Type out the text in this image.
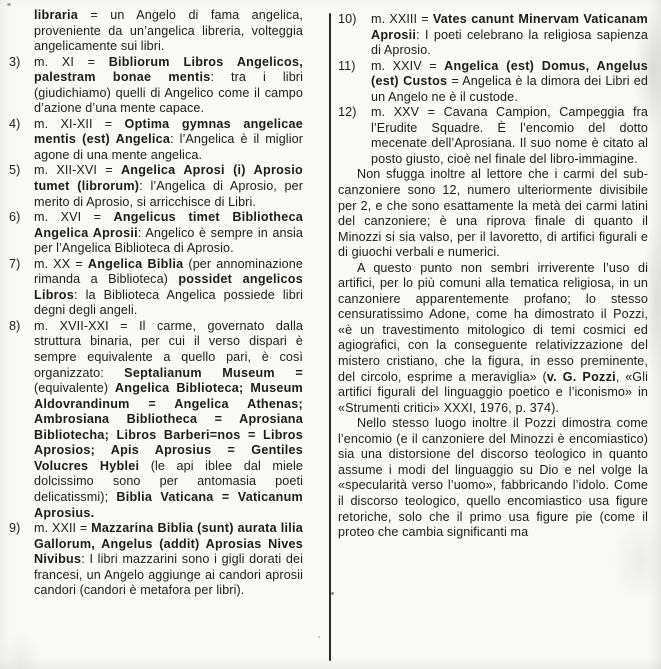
libraria = un Angelo di fama angelica, proveniente da un’angelica libreria, volteggia angelicamente sui libri.
3)	m. XI = Bibliorum Libros Angelicos, palestram bonae mentis: tra i libri (giudichiamo) quelli di Angelico come il campo d’azione d’una mente capace.
4)	m. XI-XII = Optima gymnas angelicae mentis (est) Angelica: l’Angelica è il miglior agone di una mente angelica.
5)	m. XII-XVI = Angelica Aprosi (i) Aprosio tumet (librorum): l’Angelica di Aprosio, per merito di Aprosio, si arricchisce di Libri.
6)	m. XVI = Angelicus timet Bibliotheca Angelica Aprosii: Angelico è sempre in ansia per l’Angelica Biblioteca di Aprosio.
7)	m. XX = Angelica Biblia (per annominazione rimanda a Biblioteca) possidet angelicos Libros: la Biblioteca Angelica possiede libri degni degli angeli.
8)	m. XVII-XXI = Il carme, governato dalla struttura binaria, per cui il verso dispari è sempre equivalente a quello pari, è così organizzato: Septalianum Museum = (equivalente) Angelica Biblioteca; Museum Aldovrandinum = Angelica Athenas; Ambrosiana Bibliotheca = Aprosiana Bibliotecha; Libros Barberi=nos = Libros Aprosios; Apis Aprosius = Gentiles Volucres Hyblei (le api iblee dal miele dolcissimo sono per antomasia poeti delicatissmi); Biblia Vaticana = Vaticanum Aprosius.
9)	m. XXII = Mazzarina Biblia (sunt) aurata lilia Gallorum, Angelus (addit) Aprosias Nives Nivibus: I libri mazzarini sono i gigli dorati dei francesi, un Angelo aggiunge ai candori aprosii candori (candori è metafora per libri).
10)	m. XXIII = Vates canunt Minervam Vaticanam Aprosii: I poeti celebrano la religiosa sapienza di Aprosio.
11)	m. XXIV = Angelica (est) Domus, Angelus (est) Custos = Angelica è la dimora dei Libri ed un Angelo ne è il custode.
12)	m. XXV = Cavana Campion, Campeggia fra l’Erudite Squadre. È l’encomio del dotto mecenate dell’Aprosiana. Il suo nome è citato al posto giusto, cioè nel finale del libro-immagine.
Non sfugga inoltre al lettore che i carmi del sub-canzoniere sono 12, numero ulteriormente divisibile per 2, e che sono esattamente la metà dei carmi latini del canzoniere; è una riprova finale di quanto il Minozzi si sia valso, per il lavoretto, di artifici figurali e di giuochi verbali e numerici.
A questo punto non sembri irriverente l’uso di artifici, per lo più comuni alla tematica religiosa, in un canzoniere apparentemente profano; lo stesso censuratissimo Adone, come ha dimostrato il Pozzi, «è un travestimento mitologico di temi cosmici ed agiografici, con la conseguente relativizzazione del mistero cristiano, che la figura, in esso preminente, del circolo, esprime a meraviglia» (v. G. Pozzi, «Gli artifici figurali del linguaggio poetico e l’iconismo» in «Strumenti critici» XXXI, 1976, p. 374).
Nello stesso luogo inoltre il Pozzi dimostra come l’encomio (e il canzoniere del Minozzi è encomiastico) sia una distorsione del discorso teologico in quanto assume i modi del linguaggio su Dio e nel volge la «specularità verso l’uomo», fabbricando l’idolo. Come il discorso teologico, quello encomiastico usa figure retoriche, solo che il primo usa figure pie (come il proteo che cambia significanti ma
